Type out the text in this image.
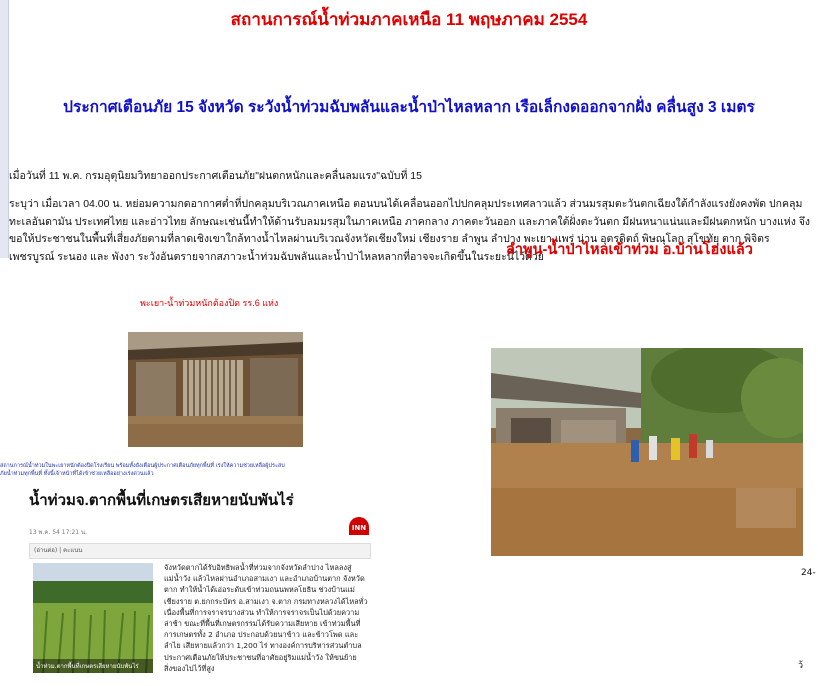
สถานการณ์น้ำท่วมภาคเหนือ 11 พฤษภาคม 2554
ประกาศเตือนภัย 15 จังหวัด ระวังน้ำท่วมฉับพลันและน้ำป่าไหลหลาก เรือเล็กงดออกจากฝั่ง คลื่นสูง 3 เมตร
เมื่อวันที่ 11 พ.ค. กรมอุตุนิยมวิทยาออกประกาศเตือนภัย"ฝนตกหนักและคลื่นลมแรง"ฉบับที่ 15
ระบุว่า เมื่อเวลา 04.00 น. หย่อมความกดอากาศต่ำที่ปกคลุมบริเวณภาคเหนือ ตอนบนได้เคลื่อนออกไปปกคลุมประเทศลาวแล้ว ส่วนมรสุมตะวันตกเฉียงใต้กำลังแรงยังคงพัด ปกคลุมทะเลอันดามัน ประเทศไทย และอ่าวไทย ลักษณะเช่นนี้ทำให้ด้านรับลมมรสุมในภาคเหนือ ภาคกลาง ภาคตะวันออก และภาคใต้ฝั่งตะวันตก มีฝนหนาแน่นและมีฝนตกหนัก บางแห่ง จึงขอให้ประชาชนในพื้นที่เสี่ยงภัยตามที่ลาดเชิงเขาใกล้ทางน้ำไหลผ่านบริเวณจังหวัดเชียงใหม่ เชียงราย ลำพูน ลำปาง พะเยา แพร่ น่าน อุตรดิตถ์ พิษณุโลก สุโขทัย ตาก พิจิตร เพชรบูรณ์ ระนอง และ พังงา ระวังอันตรายจากสภาวะน้ำท่วมฉับพลันและน้ำป่าไหลหลากที่อาจจะเกิดขึ้นในระยะนี้ไว้ด้วย
ลำพูน-น้ำป่าไหลเข้าท่วม อ.บ้านโฮ่งแล้ว
พะเยา-น้ำท่วมหนักต้องปิด รร.6 แห่ง
สถานการณ์น้ำท่วมในพะเยาหนักต้องปิดโรงเรียน พร้อมทั้งยังเตือนผู้ประกาศเตือนภัยทุกพื้นที่ เร่งให้ความช่วยเหลือผู้ประสบภัยน้ำท่วมทุกพื้นที่ ทั้งนี้เจ้าหน้าที่ได้เข้าช่วยเหลืออย่างเร่งด่วนแล้ว
น้ำท่วมจ.ตากพื้นที่เกษตรเสียหายนับพันไร่
INN
13 พ.ค. 54 17:21 น.
(อ่านต่อ) | คะแนน
น้ำท่วม.ตากพื้นที่เกษตรเสียหายนับพันไร่
จังหวัดตากได้รับอิทธิพลน้ำที่ท่วมจากจังหวัดลำปาง ไหลลงสู่แม่น้ำวัง แล้วไหลผ่านอำเภอสามเงา และอำเภอบ้านตาก จังหวัดตาก ทำให้น้ำได้เอ่อระดับเข้าท่วมถนนพหลโยธิน ช่วงบ้านแม่เชียงราย ต.ยกกระบัตร อ.สามเงา จ.ตาก กรมทางหลวงได้ไหลทั่วเนื่องพื้นที่การจราจรบางส่วน ทำให้การจราจรเป็นไปด้วยความล่าช้า ขณะที่พื้นที่เกษตรกรรมได้รับความเสียหาย เข้าท่วมพื้นที่การเกษตรทั้ง 2 อำเภอ ประกอบด้วยนาข้าว และข้าวโพด และลำไย เสียหายแล้วกว่า 1,200 ไร่ ทางองค์การบริหารส่วนตำบล ประกาศเตือนภัยให้ประชาชนที่อาศัยอยู่ริมแม่น้ำวัง ให้ขนย้ายสิ่งของไปไว้ที่สูง
24-
ว้
